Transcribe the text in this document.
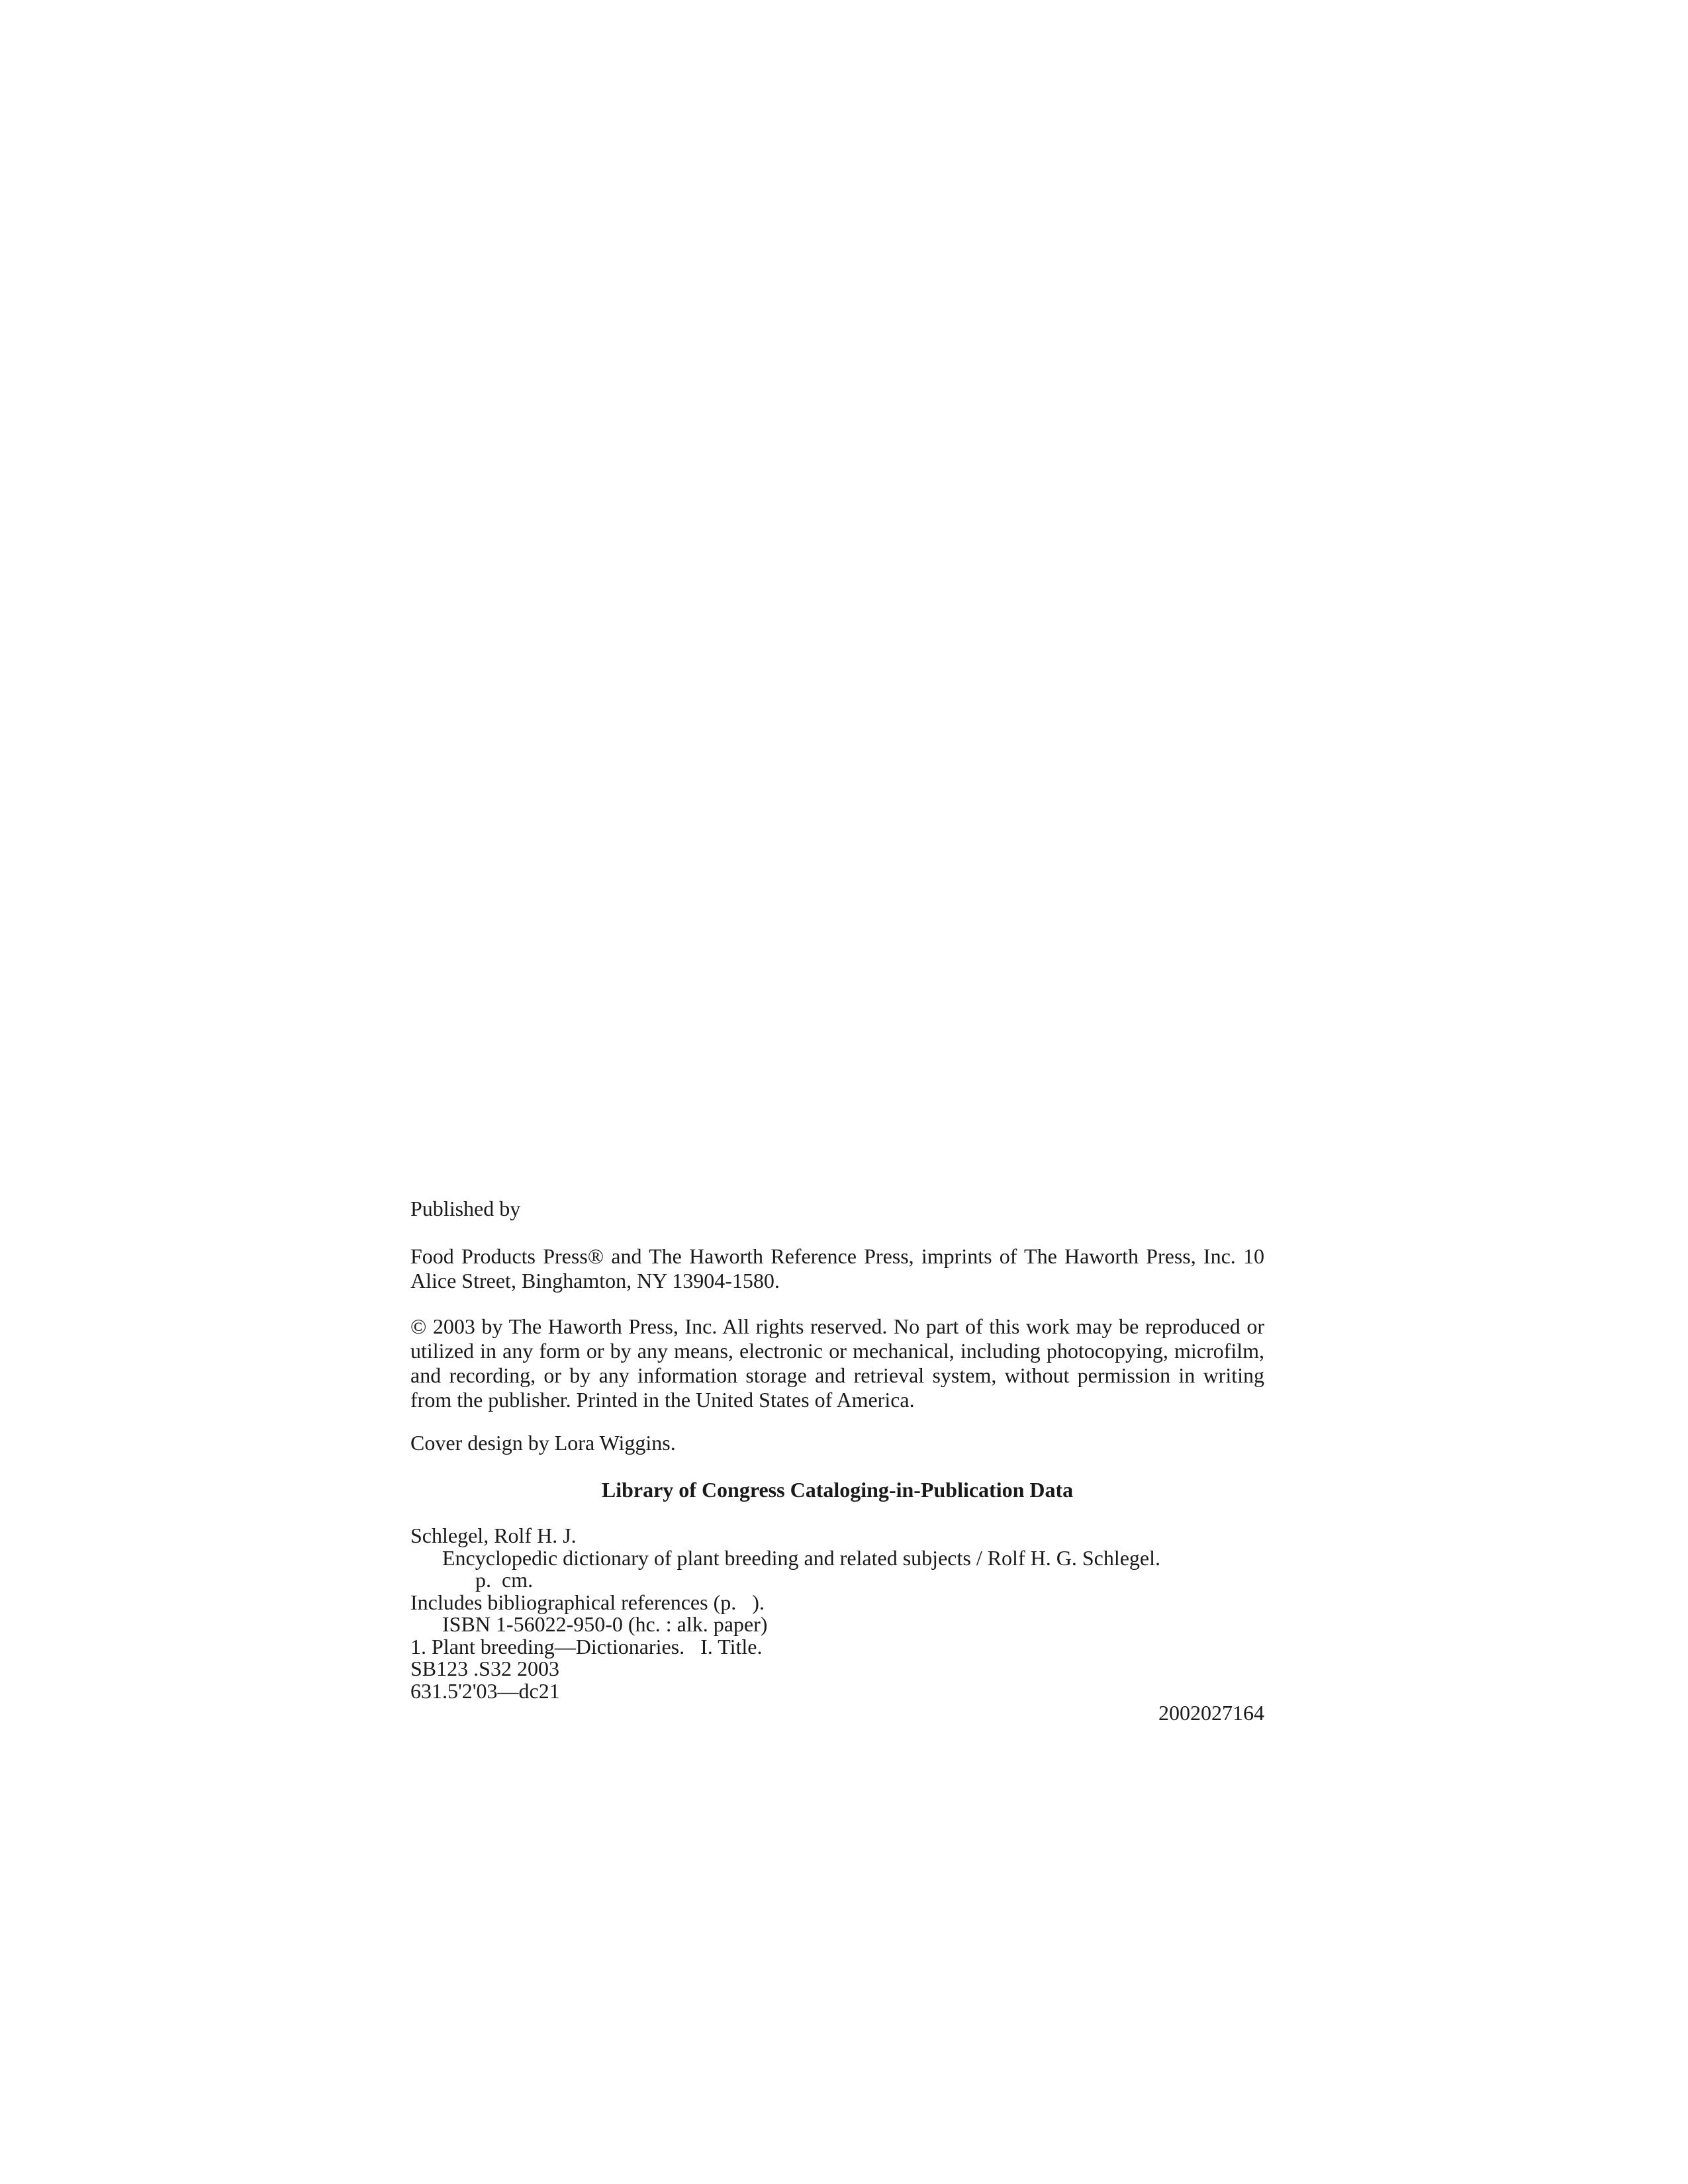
Published by
Food Products Press® and The Haworth Reference Press, imprints of The Haworth Press, Inc. 10 Alice Street, Binghamton, NY 13904-1580.
© 2003 by The Haworth Press, Inc. All rights reserved. No part of this work may be reproduced or utilized in any form or by any means, electronic or mechanical, including photocopying, microfilm, and recording, or by any information storage and retrieval system, without permission in writing from the publisher. Printed in the United States of America.
Cover design by Lora Wiggins.
Library of Congress Cataloging-in-Publication Data
Schlegel, Rolf H. J.
Encyclopedic dictionary of plant breeding and related subjects / Rolf H. G. Schlegel.
p.  cm.
Includes bibliographical references (p.   ).
ISBN 1-56022-950-0 (hc. : alk. paper)
1. Plant breeding—Dictionaries.   I. Title.
SB123 .S32 2003
631.5'2'03—dc21
2002027164
